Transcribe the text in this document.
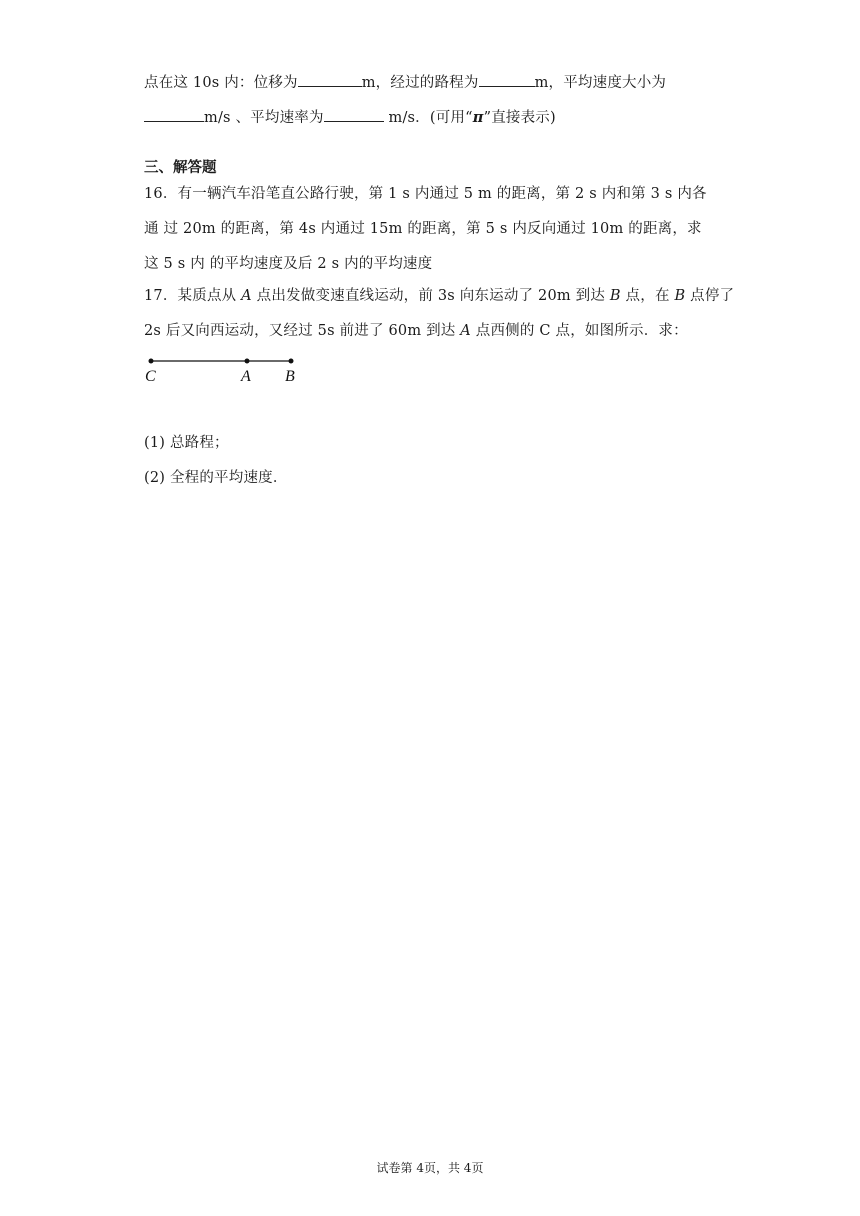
点在这 10s 内：位移为	m，经过的路程为	m，平均速度大小为
m/s 、平均速率为	m/s．(可用“π”直接表示)
三、解答题
16．有一辆汽车沿笔直公路行驶，第 1 s 内通过 5 m 的距离，第 2 s 内和第 3 s 内各
通 过 20m 的距离，第 4s 内通过 15m 的距离，第 5 s 内反向通过 10m 的距离，求
这 5 s 内 的平均速度及后 2 s 内的平均速度
17．某质点从 A 点出发做变速直线运动，前 3s 向东运动了 20m 到达 B 点，在 B 点停了
2s 后又向西运动，又经过 5s 前进了 60m 到达 A 点西侧的 C 点，如图所示．求：
C	A B
(1) 总路程；
(2) 全程的平均速度．
试卷第 4页，共 4页
